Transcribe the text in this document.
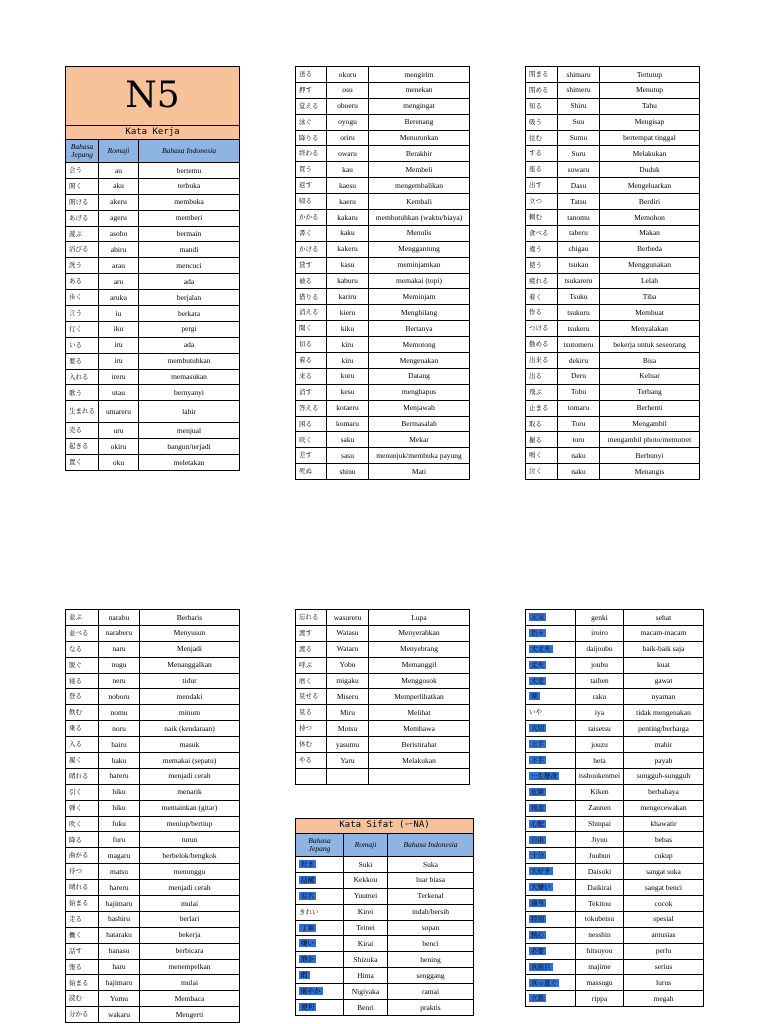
N5		
Kata Kerja		
Bahasa Jepang	Romaji	Bahasa Indonesia
会う	au	bertemu
開く	aku	terbuka
開ける	akeru	membuka
あげる	ageru	memberi
遊ぶ	asobu	bermain
浴びる	abiru	mandi
洗う	arau	mencuci
ある	aru	ada
歩く	aruku	berjalan
言う	iu	berkata
行く	iku	pergi
いる	iru	ada
要る	iru	membutuhkan
入れる	ireru	memasukan
歌う	utau	bernyanyi
生まれる	umareru	lahir
売る	uru	menjual
起きる	okiru	bangun/terjadi
置く	oku	meletakan
送る	okuru	mengirim
押す	osu	menekan
覚える	oboeru	mengingat
泳ぐ	oyogu	Berenang
降りる	oriru	Menurunkan
終わる	owaru	Berakhir
買う	kau	Membeli
返す	kaesu	mengembalikan
帰る	kaeru	Kembali
かかる	kakaru	membutuhkan (waktu/biaya)
書く	kaku	Menulis
かける	kakeru	Menggantung
貸す	kasu	meminjamkan
被る	kaburu	memakai (topi)
借りる	kariru	Meminjam
消える	kieru	Menghilang
聞く	kiku	Bertanya
切る	kiru	Memotong
着る	kiru	Mengenakan
来る	kuru	Datang
消す	kesu	menghapus
答える	kotaeru	Menjawab
困る	komaru	Bermasalah
咲く	saku	Mekar
差す	sasu	menunjuk/membuka payung
死ぬ	shinu	Mati
閉まる	shimaru	Tertutup
閉める	shimeru	Menutup
知る	Shiru	Tahu
吸う	Suu	Mengisap
住む	Sumu	bertempat tinggal
する	Suru	Melakukan
座る	suwaru	Duduk
出す	Dasu	Mengeluarkan
立つ	Tatsu	Berdiri
頼む	tanomu	Memohon
食べる	taberu	Makan
違う	chigau	Berbeda
使う	tsukau	Menggunakan
疲れる	tsukareru	Lelah
着く	Tsuku	Tiba
作る	tsukuru	Membuat
つける	tsukeru	Menyalakan
勤める	tsutomeru	bekerja untuk seseorang
出来る	dekiru	Bisa
出る	Deru	Keluar
飛ぶ	Tobu	Terbang
止まる	tomaru	Berhenti
取る	Toru	Mengambil
撮る	toru	mengambil photo/memotret
鳴く	naku	Berbunyi
泣く	naku	Menangis
並ぶ	narabu	Berbaris
並べる	naraberu	Menyusun
なる	naru	Menjadi
脱ぐ	nugu	Menanggalkan
寝る	neru	tidur
登る	noboru	mendaki
飲む	nomu	minum
乗る	noru	naik (kendaraan)
入る	hairu	masuk
履く	haku	memakai (sepatu)
晴れる	hareru	menjadi cerah
引く	hiku	menarik
弾く	hiku	memainkan (gitar)
吹く	fuku	meniup/bertiup
降る	furu	turun
曲がる	magaru	berbelok/bengkok
待つ	matsu	menunggu
晴れる	hareru	menjadi cerah
始まる	hajimaru	mulai
走る	hashiru	berlari
働く	hataraku	bekerja
話す	hanasu	berbicara
張る	haru	menempelkan
始まる	hajimaru	mulai
読む	Yomu	Membaca
分かる	wakaru	Mengerti
忘れる	wasureru	Lupa
渡す	Watasu	Menyerahkan
渡る	Wataru	Menyebrang
呼ぶ	Yobu	Memanggil
磨く	migaku	Menggosok
見せる	Miseru	Memperlihatkan
見る	Miru	Melihat
持つ	Motsu	Membawa
休む	yasumu	Beristirahat
やる	Yaru	Melakukan

Kata Sifat (ーNA)		
Bahasa Jepang	Romaji	Bahasa Indonesia
好き	Suki	Suka
結構	Kekkou	luar biasa
有名	Yuumei	Terkenal
きれい	Kirei	indah/bersih
丁寧	Teinei	sopan
嫌い	Kirai	benci
静か	Shizuka	hening
暇	Hima	senggang
賑やか	Nigiyaka	ramai
便利	Benri	praktis
元気	genki	sehat
色々	iroiro	macam-macam
大丈夫	daijoubu	baik-baik saja
丈夫	joubu	kuat
大変	taihen	gawat
楽	raku	nyaman
いや	iya	tidak mengenakan
大切	taisetsu	penting/berharga
上手	jouzu	mahir
下手	heta	payah
一生懸命	isshoukenmei	sungguh-sungguh
危険	Kiken	berbahaya
残念	Zannen	mengecewakan
心配	Shinpai	khawatir
自由	Jiyuu	bebas
十分	Juubun	cukup
大好き	Daisuki	sangat suka
大嫌い	Daikirai	sangat benci
適当	Tekitou	cocok
特別	tokubetsu	spesial
熱心	nesshin	antusias
必要	hitsuyou	perlu
真面目	majime	serius
真っ直ぐ	massugu	lurus
立派	rippa	megah
